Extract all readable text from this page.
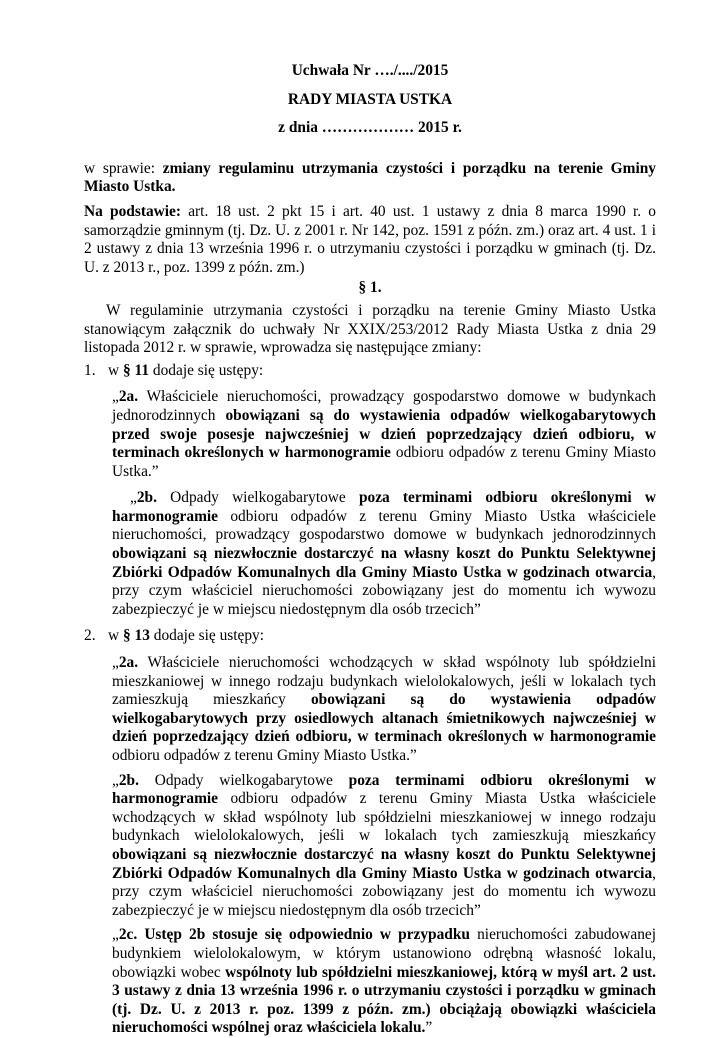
Uchwała Nr …./..../2015
RADY MIASTA USTKA
z dnia ……………… 2015 r.

w sprawie: zmiany regulaminu utrzymania czystości i porządku na terenie Gminy Miasto Ustka.

Na podstawie: art. 18 ust. 2 pkt 15 i art. 40 ust. 1 ustawy z dnia 8 marca 1990 r. o samorządzie gminnym (tj. Dz. U. z 2001 r. Nr 142, poz. 1591 z późn. zm.) oraz art. 4 ust. 1 i 2 ustawy z dnia 13 września 1996 r. o utrzymaniu czystości i porządku w gminach (tj. Dz. U. z 2013 r., poz. 1399 z późn. zm.)

§ 1.

W regulaminie utrzymania czystości i porządku na terenie Gminy Miasto Ustka stanowiącym załącznik do uchwały Nr XXIX/253/2012 Rady Miasta Ustka z dnia 29 listopada 2012 r. w sprawie, wprowadza się następujące zmiany:

1. w § 11 dodaje się ustępy:

„2a. Właściciele nieruchomości, prowadzący gospodarstwo domowe w budynkach jednorodzinnych obowiązani są do wystawienia odpadów wielkogabarytowych przed swoje posesje najwcześniej w dzień poprzedzający dzień odbioru, w terminach określonych w harmonogramie odbioru odpadów z terenu Gminy Miasto Ustka.”

„2b. Odpady wielkogabarytowe poza terminami odbioru określonymi w harmonogramie odbioru odpadów z terenu Gminy Miasto Ustka właściciele nieruchomości, prowadzący gospodarstwo domowe w budynkach jednorodzinnych obowiązani są niezwłocznie dostarczyć na własny koszt do Punktu Selektywnej Zbiórki Odpadów Komunalnych dla Gminy Miasto Ustka w godzinach otwarcia, przy czym właściciel nieruchomości zobowiązany jest do momentu ich wywozu zabezpieczyć je w miejscu niedostępnym dla osób trzecich”

2. w § 13 dodaje się ustępy:

„2a. Właściciele nieruchomości wchodzących w skład wspólnoty lub spółdzielni mieszkaniowej w innego rodzaju budynkach wielolokalowych, jeśli w lokalach tych zamieszkują mieszkańcy obowiązani są do wystawienia odpadów wielkogabarytowych przy osiedlowych altanach śmietnikowych najwcześniej w dzień poprzedzający dzień odbioru, w terminach określonych w harmonogramie odbioru odpadów z terenu Gminy Miasto Ustka.”

„2b. Odpady wielkogabarytowe poza terminami odbioru określonymi w harmonogramie odbioru odpadów z terenu Gminy Miasta Ustka właściciele wchodzących w skład wspólnoty lub spółdzielni mieszkaniowej w innego rodzaju budynkach wielolokalowych, jeśli w lokalach tych zamieszkują mieszkańcy obowiązani są niezwłocznie dostarczyć na własny koszt do Punktu Selektywnej Zbiórki Odpadów Komunalnych dla Gminy Miasto Ustka w godzinach otwarcia, przy czym właściciel nieruchomości zobowiązany jest do momentu ich wywozu zabezpieczyć je w miejscu niedostępnym dla osób trzecich”

„2c. Ustęp 2b stosuje się odpowiednio w przypadku nieruchomości zabudowanej budynkiem wielolokalowym, w którym ustanowiono odrębną własność lokalu, obowiązki wobec wspólnoty lub spółdzielni mieszkaniowej, którą w myśl art. 2 ust. 3 ustawy z dnia 13 września 1996 r. o utrzymaniu czystości i porządku w gminach (tj. Dz. U. z 2013 r. poz. 1399 z późn. zm.) obciążają obowiązki właściciela nieruchomości wspólnej oraz właściciela lokalu.”
